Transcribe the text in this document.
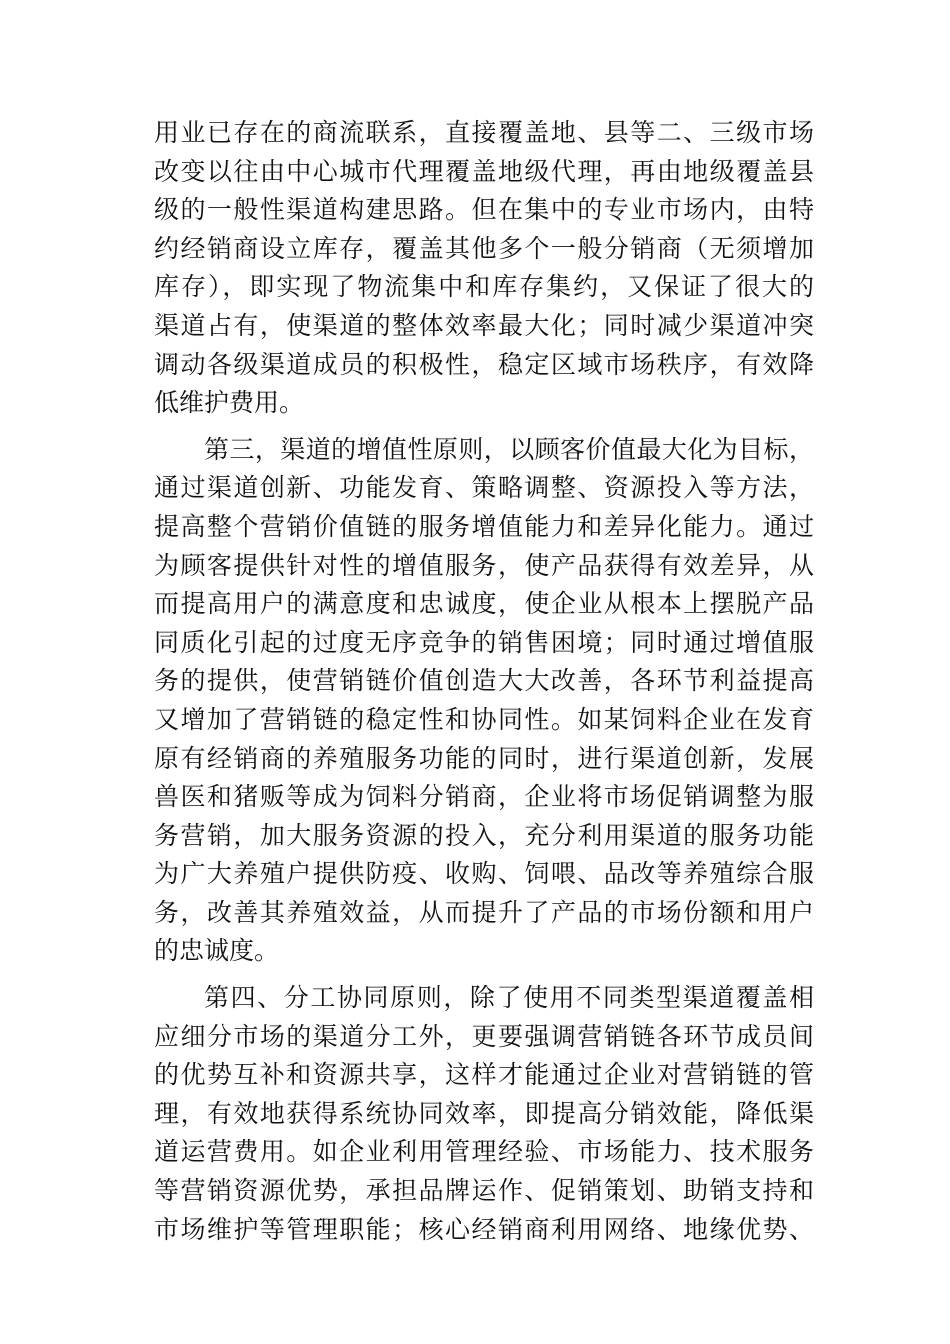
用业已存在的商流联系，直接覆盖地、县等二、三级市场
改变以往由中心城市代理覆盖地级代理，再由地级覆盖县
级的一般性渠道构建思路。但在集中的专业市场内，由特
约经销商设立库存，覆盖其他多个一般分销商（无须增加
库存），即实现了物流集中和库存集约，又保证了很大的
渠道占有，使渠道的整体效率最大化；同时减少渠道冲突
调动各级渠道成员的积极性，稳定区域市场秩序，有效降
低维护费用。
第三，渠道的增值性原则，以顾客价值最大化为目标，
通过渠道创新、功能发育、策略调整、资源投入等方法，
提高整个营销价值链的服务增值能力和差异化能力。通过
为顾客提供针对性的增值服务，使产品获得有效差异，从
而提高用户的满意度和忠诚度，使企业从根本上摆脱产品
同质化引起的过度无序竞争的销售困境；同时通过增值服
务的提供，使营销链价值创造大大改善，各环节利益提高
又增加了营销链的稳定性和协同性。如某饲料企业在发育
原有经销商的养殖服务功能的同时，进行渠道创新，发展
兽医和猪贩等成为饲料分销商，企业将市场促销调整为服
务营销，加大服务资源的投入，充分利用渠道的服务功能
为广大养殖户提供防疫、收购、饲喂、品改等养殖综合服
务，改善其养殖效益，从而提升了产品的市场份额和用户
的忠诚度。
第四、分工协同原则，除了使用不同类型渠道覆盖相
应细分市场的渠道分工外，更要强调营销链各环节成员间
的优势互补和资源共享，这样才能通过企业对营销链的管
理，有效地获得系统协同效率，即提高分销效能，降低渠
道运营费用。如企业利用管理经验、市场能力、技术服务
等营销资源优势，承担品牌运作、促销策划、助销支持和
市场维护等管理职能；核心经销商利用网络、地缘优势、
